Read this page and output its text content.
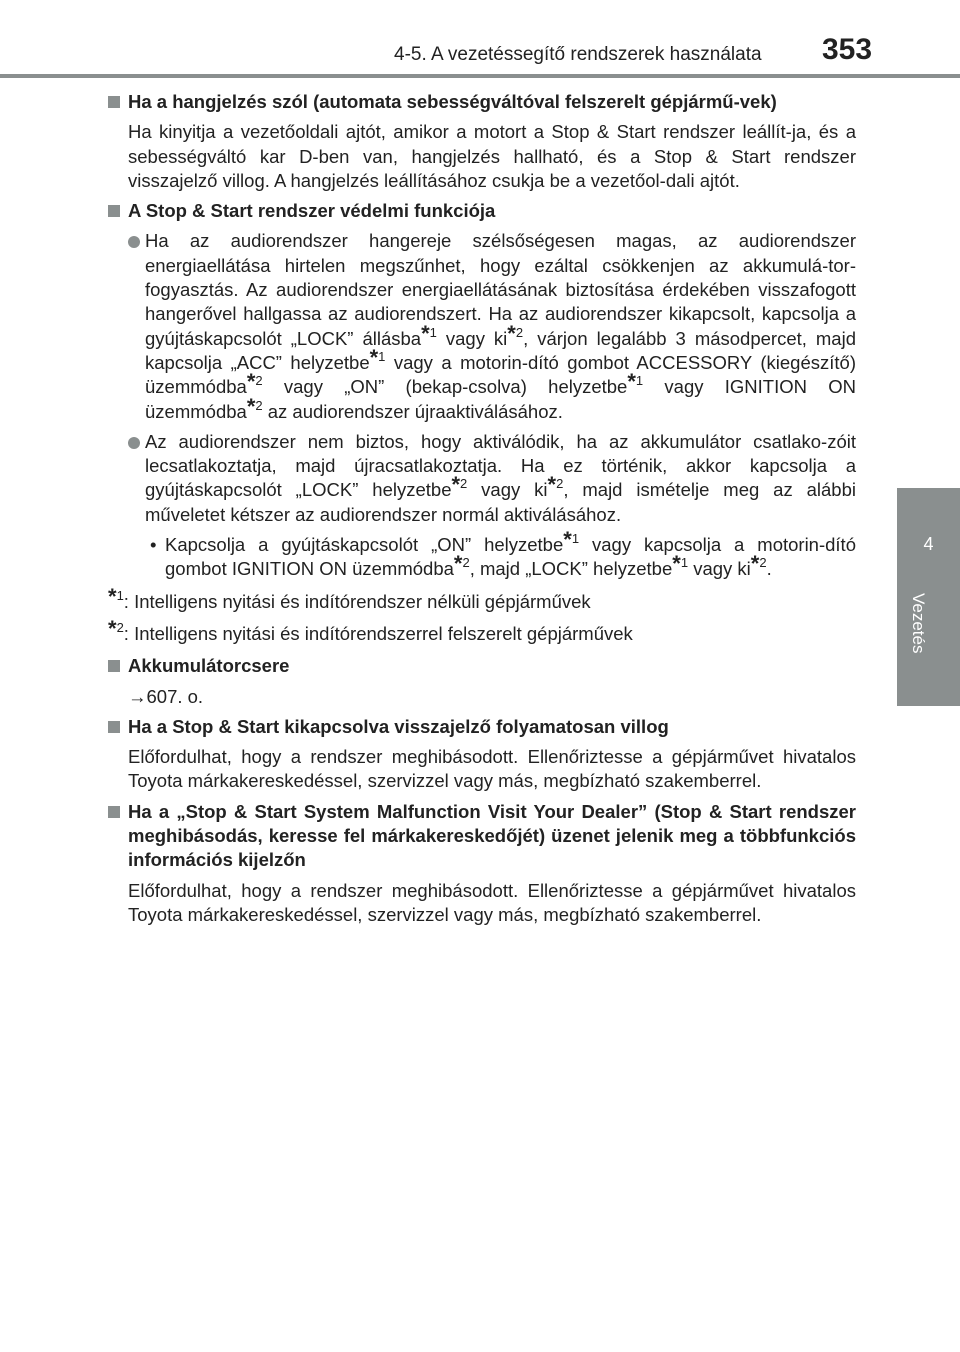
4-5. A vezetéssegítő rendszerek használata 353
4
Vezetés
Ha a hangjelzés szól (automata sebességváltóval felszerelt gépjármű-vek)
Ha kinyitja a vezetőoldali ajtót, amikor a motort a Stop & Start rendszer leállít-ja, és a sebességváltó kar D-ben van, hangjelzés hallható, és a Stop & Start rendszer visszajelző villog. A hangjelzés leállításához csukja be a vezetőol-dali ajtót.
A Stop & Start rendszer védelmi funkciója
Ha az audiorendszer hangereje szélsőségesen magas, az audiorendszer energiaellátása hirtelen megszűnhet, hogy ezáltal csökkenjen az akkumulá-tor-fogyasztás. Az audiorendszer energiaellátásának biztosítása érdekében visszafogott hangerővel hallgassa az audiorendszert. Ha az audiorendszer kikapcsolt, kapcsolja a gyújtáskapcsolót „LOCK” állásba*$^1$ vagy ki*$^2$, várjon legalább 3 másodpercet, majd kapcsolja „ACC” helyzetbe*$^1$ vagy a motorin-dító gombot ACCESSORY (kiegészítő) üzemmódba*$^2$ vagy „ON” (bekap-csolva) helyzetbe*$^1$ vagy IGNITION ON üzemmódba*$^2$ az audiorendszer újraaktiválásához.
Az audiorendszer nem biztos, hogy aktiválódik, ha az akkumulátor csatlako-zóit lecsatlakoztatja, majd újracsatlakoztatja. Ha ez történik, akkor kapcsolja a gyújtáskapcsolót „LOCK” helyzetbe*$^2$ vagy ki*$^2$, majd ismételje meg az alábbi műveletet kétszer az audiorendszer normál aktiválásához.
• Kapcsolja a gyújtáskapcsolót „ON” helyzetbe*$^1$ vagy kapcsolja a motorin-dító gombot IGNITION ON üzemmódba*$^2$, majd „LOCK” helyzetbe*$^1$ vagy ki*$^2$.
*$^1$: Intelligens nyitási és indítórendszer nélküli gépjárművek
*$^2$: Intelligens nyitási és indítórendszerrel felszerelt gépjárművek
Akkumulátorcsere
→607. o.
Ha a Stop & Start kikapcsolva visszajelző folyamatosan villog
Előfordulhat, hogy a rendszer meghibásodott. Ellenőriztesse a gépjárművet hivatalos Toyota márkakereskedéssel, szervizzel vagy más, megbízható szakemberrel.
Ha a „Stop & Start System Malfunction Visit Your Dealer” (Stop & Start rendszer meghibásodás, keresse fel márkakereskedőjét) üzenet jelenik meg a többfunkciós információs kijelzőn
Előfordulhat, hogy a rendszer meghibásodott. Ellenőriztesse a gépjárművet hivatalos Toyota márkakereskedéssel, szervizzel vagy más, megbízható szakemberrel.
